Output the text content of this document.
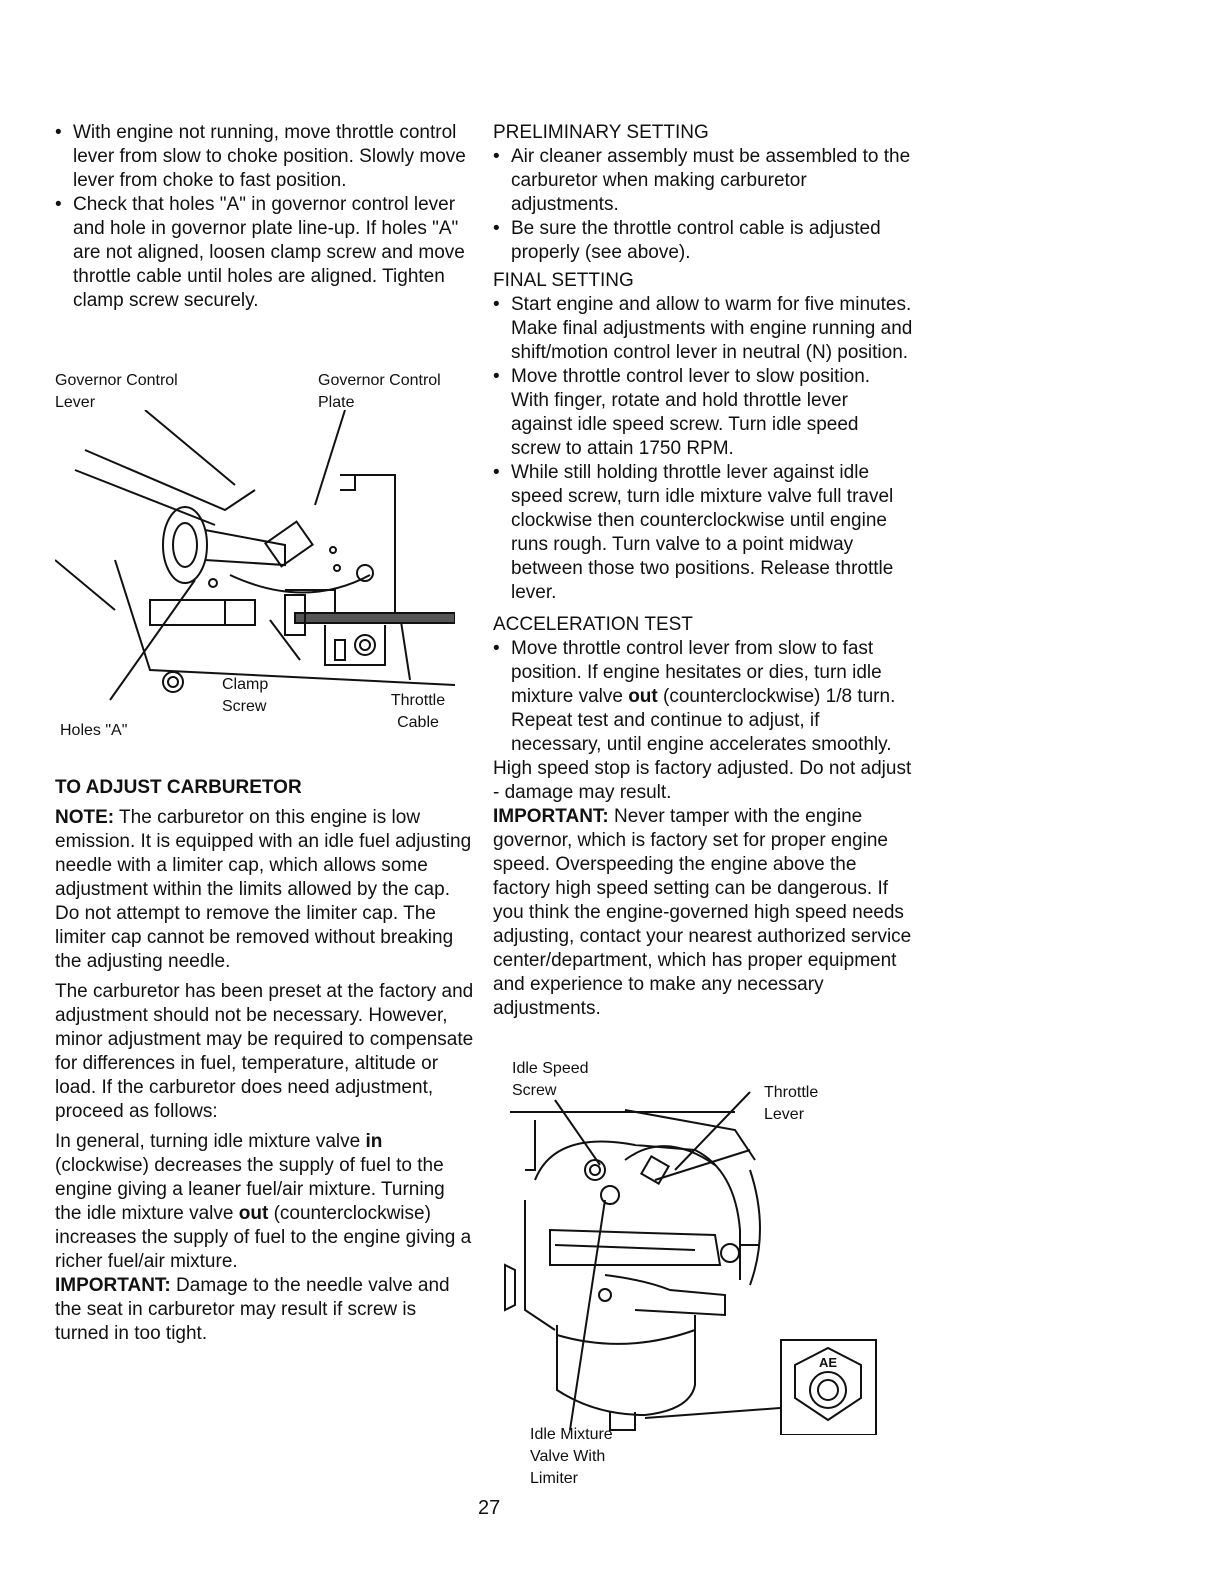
• With engine not running, move throttle control lever from slow to choke position. Slowly move lever from choke to fast position.
• Check that holes "A" in governor control lever and hole in governor plate line-up. If holes "A" are not aligned, loosen clamp screw and move throttle cable until holes are aligned. Tighten clamp screw securely.
Governor Control Lever
Governor Control Plate
Clamp Screw	Throttle Cable
Holes "A"
TO ADJUST CARBURETOR

NOTE: The carburetor on this engine is low emission. It is equipped with an idle fuel adjusting needle with a limiter cap, which allows some adjustment within the limits allowed by the cap. Do not attempt to remove the limiter cap. The limiter cap cannot be removed without breaking the adjusting needle.

The carburetor has been preset at the factory and adjustment should not be necessary. However, minor adjustment may be required to compensate for differences in fuel, temperature, altitude or load. If the carburetor does need adjustment, proceed as follows:

In general, turning idle mixture valve in (clockwise) decreases the supply of fuel to the engine giving a leaner fuel/air mixture. Turning the idle mixture valve out (counterclockwise) increases the supply of fuel to the engine giving a richer fuel/air mixture.

IMPORTANT: Damage to the needle valve and the seat in carburetor may result if screw is turned in too tight.

PRELIMINARY SETTING
• Air cleaner assembly must be assembled to the carburetor when making carburetor adjustments.
• Be sure the throttle control cable is adjusted properly (see above).
FINAL SETTING
• Start engine and allow to warm for five minutes. Make final adjustments with engine running and shift/motion control lever in neutral (N) position.
• Move throttle control lever to slow position. With finger, rotate and hold throttle lever against idle speed screw. Turn idle speed screw to attain 1750 RPM.
• While still holding throttle lever against idle speed screw, turn idle mixture valve full travel clockwise then counterclockwise until engine runs rough. Turn valve to a point midway between those two positions. Release throttle lever.
ACCELERATION TEST
• Move throttle control lever from slow to fast position. If engine hesitates or dies, turn idle mixture valve out (counterclockwise) 1/8 turn. Repeat test and continue to adjust, if necessary, until engine accelerates smoothly.

High speed stop is factory adjusted. Do not adjust - damage may result.

IMPORTANT: Never tamper with the engine governor, which is factory set for proper engine speed. Overspeeding the engine above the factory high speed setting can be dangerous. If you think the engine-governed high speed needs adjusting, contact your nearest authorized service center/department, which has proper equipment and experience to make any necessary adjustments.

Idle Speed Screw	Throttle Lever
Idle Mixture Valve With Limiter
AE
27
